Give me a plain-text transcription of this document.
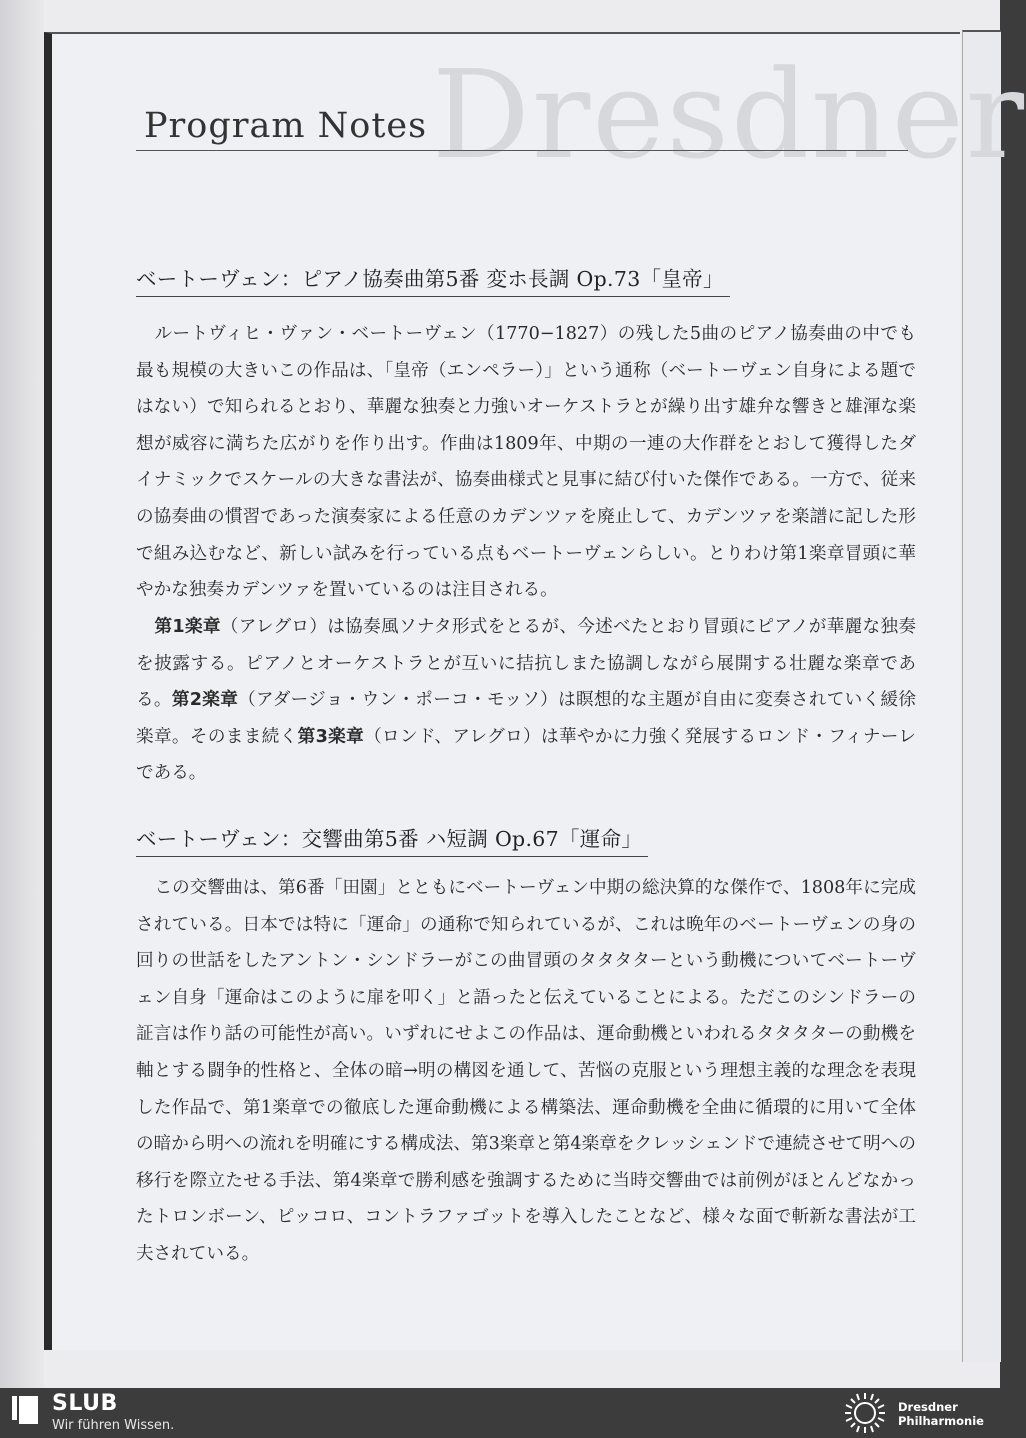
Dresdner
Program Notes
ベートーヴェン：ピアノ協奏曲第5番 変ホ長調 Op.73「皇帝」

ルートヴィヒ・ヴァン・ベートーヴェン（1770−1827）の残した5曲のピアノ協奏曲の中でも最も規模の大きいこの作品は、「皇帝（エンペラー）」という通称（ベートーヴェン自身による題ではない）で知られるとおり、華麗な独奏と力強いオーケストラとが繰り出す雄弁な響きと雄渾な楽想が威容に満ちた広がりを作り出す。作曲は1809年、中期の一連の大作群をとおして獲得したダイナミックでスケールの大きな書法が、協奏曲様式と見事に結び付いた傑作である。一方で、従来の協奏曲の慣習であった演奏家による任意のカデンツァを廃止して、カデンツァを楽譜に記した形で組み込むなど、新しい試みを行っている点もベートーヴェンらしい。とりわけ第1楽章冒頭に華やかな独奏カデンツァを置いているのは注目される。

第1楽章（アレグロ）は協奏風ソナタ形式をとるが、今述べたとおり冒頭にピアノが華麗な独奏を披露する。ピアノとオーケストラとが互いに拮抗しまた協調しながら展開する壮麗な楽章である。第2楽章（アダージョ・ウン・ポーコ・モッソ）は瞑想的な主題が自由に変奏されていく緩徐楽章。そのまま続く第3楽章（ロンド、アレグロ）は華やかに力強く発展するロンド・フィナーレである。

ベートーヴェン：交響曲第5番 ハ短調 Op.67「運命」

この交響曲は、第6番「田園」とともにベートーヴェン中期の総決算的な傑作で、1808年に完成されている。日本では特に「運命」の通称で知られているが、これは晩年のベートーヴェンの身の回りの世話をしたアントン・シンドラーがこの曲冒頭のタタタターという動機についてベートーヴェン自身「運命はこのように扉を叩く」と語ったと伝えていることによる。ただこのシンドラーの証言は作り話の可能性が高い。いずれにせよこの作品は、運命動機といわれるタタタターの動機を軸とする闘争的性格と、全体の暗→明の構図を通して、苦悩の克服という理想主義的な理念を表現した作品で、第1楽章での徹底した運命動機による構築法、運命動機を全曲に循環的に用いて全体の暗から明への流れを明確にする構成法、第3楽章と第4楽章をクレッシェンドで連続させて明への移行を際立たせる手法、第4楽章で勝利感を強調するために当時交響曲では前例がほとんどなかったトロンボーン、ピッコロ、コントラファゴットを導入したことなど、様々な面で斬新な書法が工夫されている。

SLUB
Wir führen Wissen.
Dresdner
Philharmonie
